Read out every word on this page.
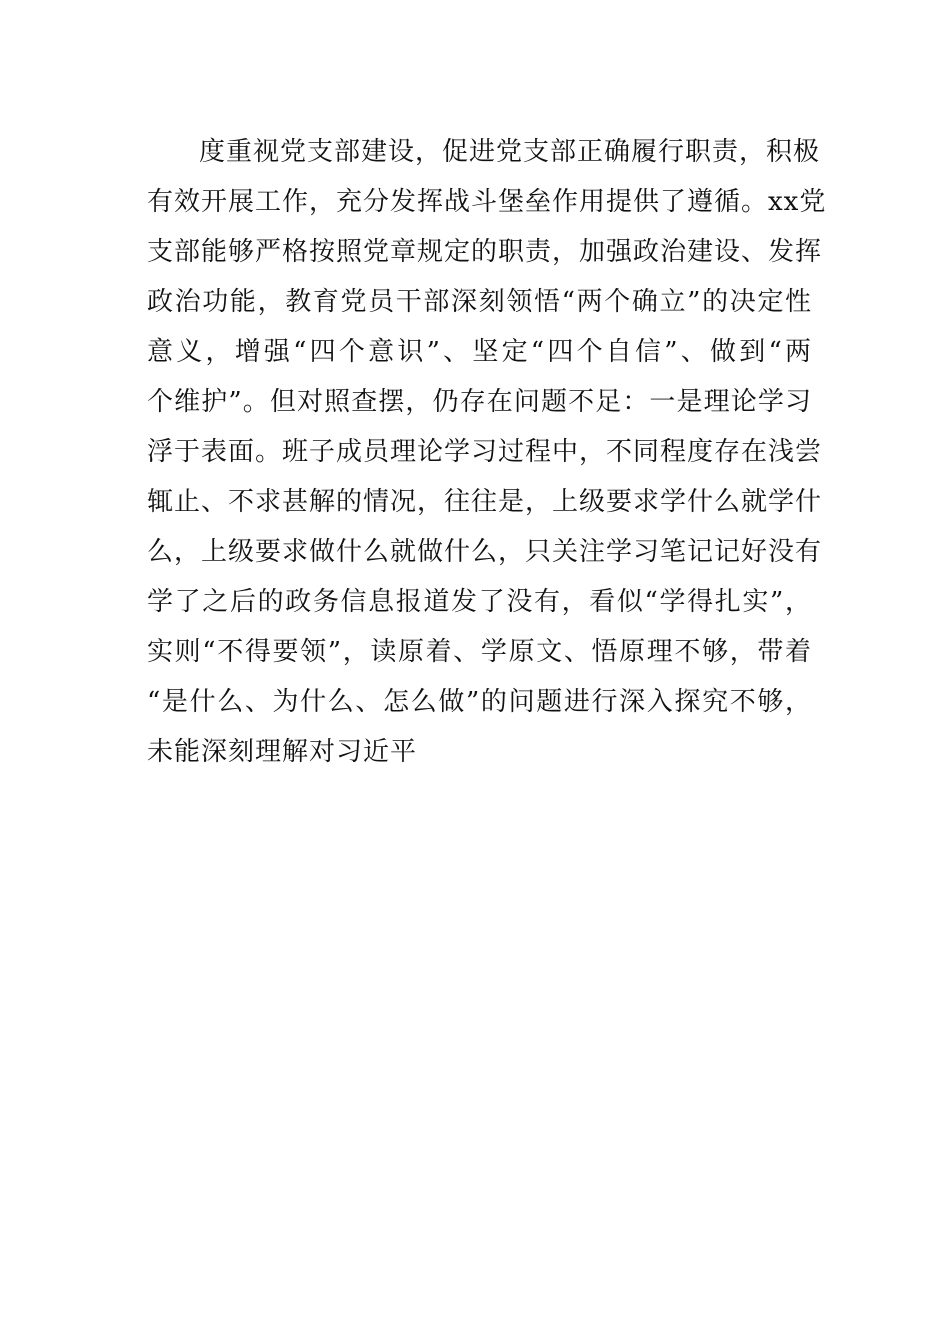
度重视党支部建设，促进党支部正确履行职责，积极
有效开展工作，充分发挥战斗堡垒作用提供了遵循。xx党
支部能够严格按照党章规定的职责，加强政治建设、发挥
政治功能，教育党员干部深刻领悟“两个确立”的决定性
意义，增强“四个意识”、坚定“四个自信”、做到“两
个维护”。但对照查摆，仍存在问题不足：一是理论学习
浮于表面。班子成员理论学习过程中，不同程度存在浅尝
辄止、不求甚解的情况，往往是，上级要求学什么就学什
么，上级要求做什么就做什么，只关注学习笔记记好没有
学了之后的政务信息报道发了没有，看似“学得扎实”，
实则“不得要领”，读原着、学原文、悟原理不够，带着
“是什么、为什么、怎么做”的问题进行深入探究不够，
未能深刻理解对习近平
